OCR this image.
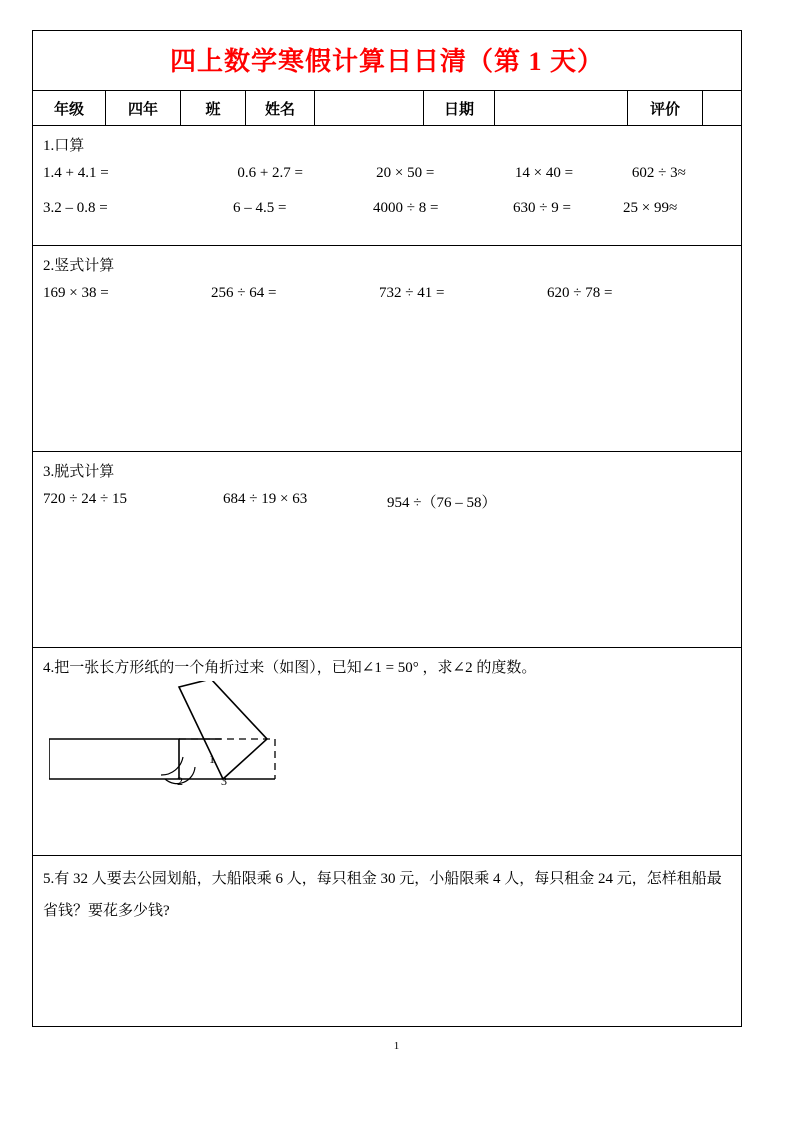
四上数学寒假计算日日清（第 1 天）
年级	四年	班	姓名		日期		评价	
1.口算
1.4 + 4.1 =	0.6 + 2.7 =	20 × 50 =	14 × 40 =	602 ÷ 3≈
3.2 – 0.8 =	6 – 4.5 =	4000 ÷ 8 =	630 ÷ 9 =	25 × 99≈
2.竖式计算
169 × 38 =	256 ÷ 64 =	732 ÷ 41 =	620 ÷ 78 =
3.脱式计算
720 ÷ 24 ÷ 15	684 ÷ 19 × 63	954 ÷（76 – 58）
4.把一张长方形纸的一个角折过来（如图），已知∠1 = 50° ，求∠2 的度数。
1
2	3
5.有 32 人要去公园划船，大船限乘 6 人，每只租金 30 元，小船限乘 4 人，每只租金 24 元，怎样租船最省钱？要花多少钱?
1
